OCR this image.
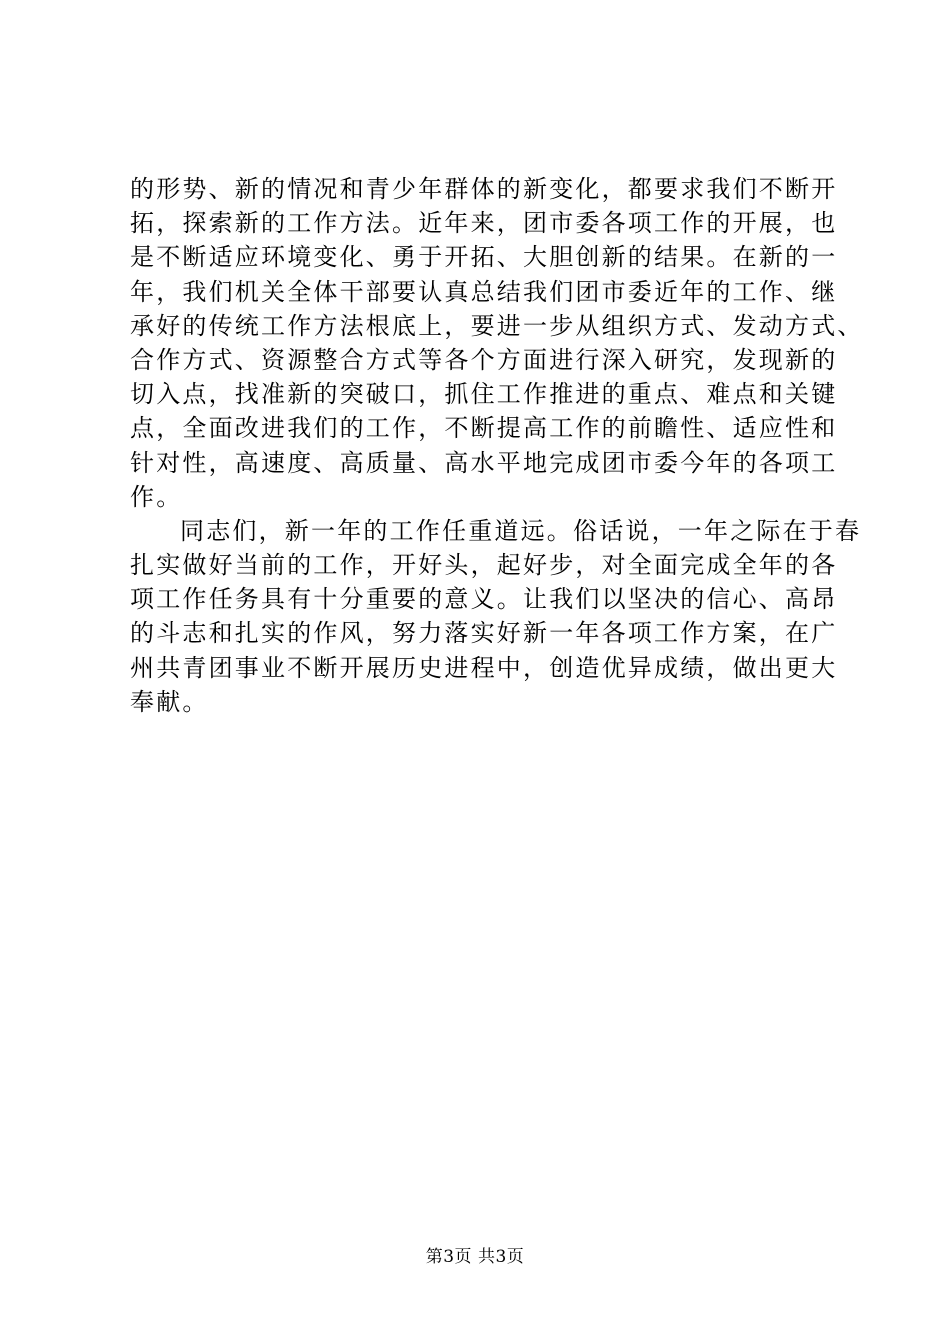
的形势、新的情况和青少年群体的新变化，都要求我们不断开
拓，探索新的工作方法。近年来，团市委各项工作的开展，也
是不断适应环境变化、勇于开拓、大胆创新的结果。在新的一
年，我们机关全体干部要认真总结我们团市委近年的工作、继
承好的传统工作方法根底上，要进一步从组织方式、发动方式、
合作方式、资源整合方式等各个方面进行深入研究，发现新的
切入点，找准新的突破口，抓住工作推进的重点、难点和关键
点，全面改进我们的工作，不断提高工作的前瞻性、适应性和
针对性，高速度、高质量、高水平地完成团市委今年的各项工
作。
同志们，新一年的工作任重道远。俗话说，一年之际在于春
扎实做好当前的工作，开好头，起好步，对全面完成全年的各
项工作任务具有十分重要的意义。让我们以坚决的信心、高昂
的斗志和扎实的作风，努力落实好新一年各项工作方案，在广
州共青团事业不断开展历史进程中，创造优异成绩，做出更大
奉献。
第3页 共3页
